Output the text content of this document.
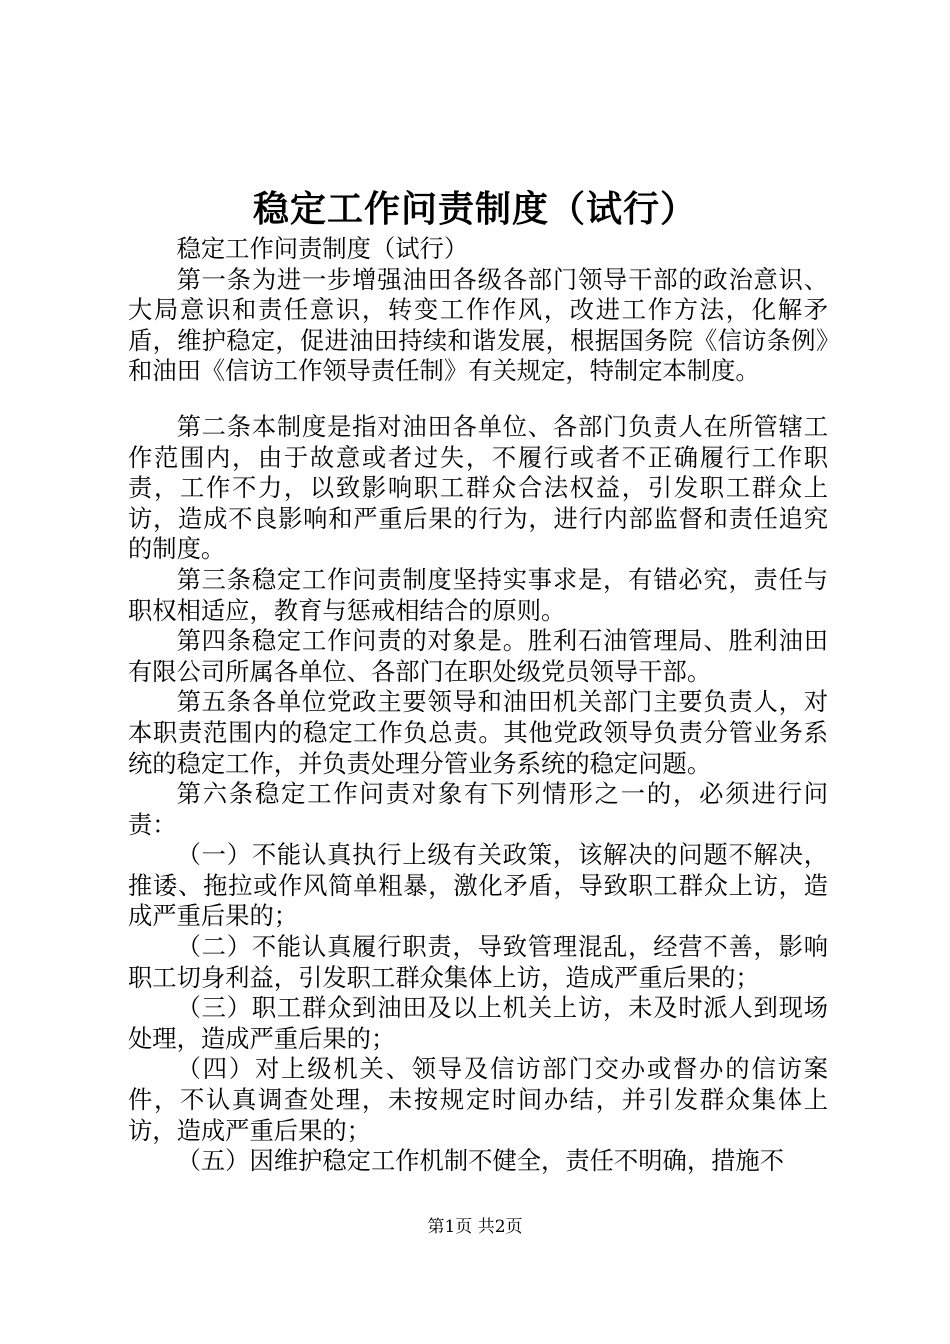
稳定工作问责制度（试行）

稳定工作问责制度（试行）

第一条为进一步增强油田各级各部门领导干部的政治意识、大局意识和责任意识，转变工作作风，改进工作方法，化解矛盾，维护稳定，促进油田持续和谐发展，根据国务院《信访条例》和油田《信访工作领导责任制》有关规定，特制定本制度。

第二条本制度是指对油田各单位、各部门负责人在所管辖工作范围内，由于故意或者过失，不履行或者不正确履行工作职责，工作不力，以致影响职工群众合法权益，引发职工群众上访，造成不良影响和严重后果的行为，进行内部监督和责任追究的制度。

第三条稳定工作问责制度坚持实事求是，有错必究，责任与职权相适应，教育与惩戒相结合的原则。

第四条稳定工作问责的对象是。胜利石油管理局、胜利油田有限公司所属各单位、各部门在职处级党员领导干部。

第五条各单位党政主要领导和油田机关部门主要负责人，对本职责范围内的稳定工作负总责。其他党政领导负责分管业务系统的稳定工作，并负责处理分管业务系统的稳定问题。

第六条稳定工作问责对象有下列情形之一的，必须进行问责：

（一）不能认真执行上级有关政策，该解决的问题不解决，推诿、拖拉或作风简单粗暴，激化矛盾，导致职工群众上访，造成严重后果的；

（二）不能认真履行职责，导致管理混乱，经营不善，影响职工切身利益，引发职工群众集体上访，造成严重后果的；

（三）职工群众到油田及以上机关上访，未及时派人到现场处理，造成严重后果的；

（四）对上级机关、领导及信访部门交办或督办的信访案件，不认真调查处理，未按规定时间办结，并引发群众集体上访，造成严重后果的；

（五）因维护稳定工作机制不健全，责任不明确，措施不

第1页 共2页
